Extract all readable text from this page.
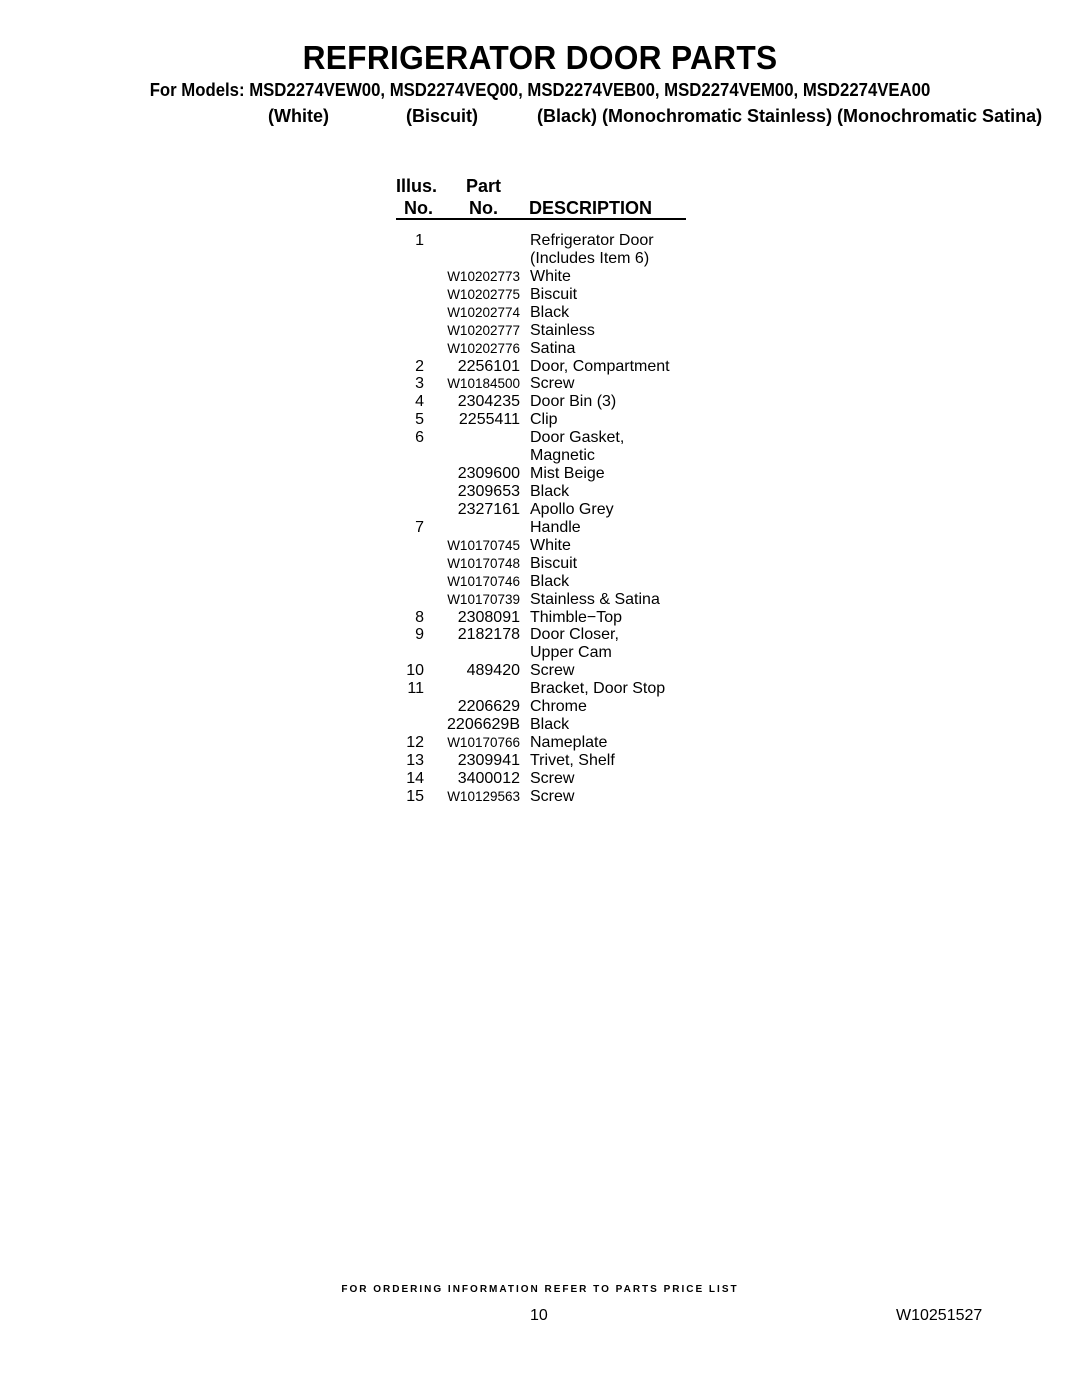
REFRIGERATOR DOOR PARTS
For Models: MSD2274VEW00, MSD2274VEQ00, MSD2274VEB00, MSD2274VEM00, MSD2274VEA00
(White)	(Biscuit)	(Black) (Monochromatic Stainless) (Monochromatic Satina)
Illus.
No.
Part
No. DESCRIPTION
1	Refrigerator Door
(Includes Item 6)
W10202773 White
W10202775 Biscuit
W10202774 Black
W10202777 Stainless
W10202776 Satina
2	2256101 Door, Compartment
3	W10184500 Screw
4	2304235 Door Bin (3)
5	2255411 Clip
6	Door Gasket,
Magnetic
2309600 Mist Beige
2309653 Black
2327161 Apollo Grey
7	Handle
W10170745 White
W10170748 Biscuit
W10170746 Black
W10170739 Stainless & Satina
8	2308091 Thimble−Top
9	2182178 Door Closer,
Upper Cam
10	489420 Screw
11	Bracket, Door Stop
2206629 Chrome
2206629B Black
12	W10170766 Nameplate
13	2309941 Trivet, Shelf
14	3400012 Screw
15	W10129563 Screw
FOR ORDERING INFORMATION REFER TO PARTS PRICE LIST
10	W10251527
